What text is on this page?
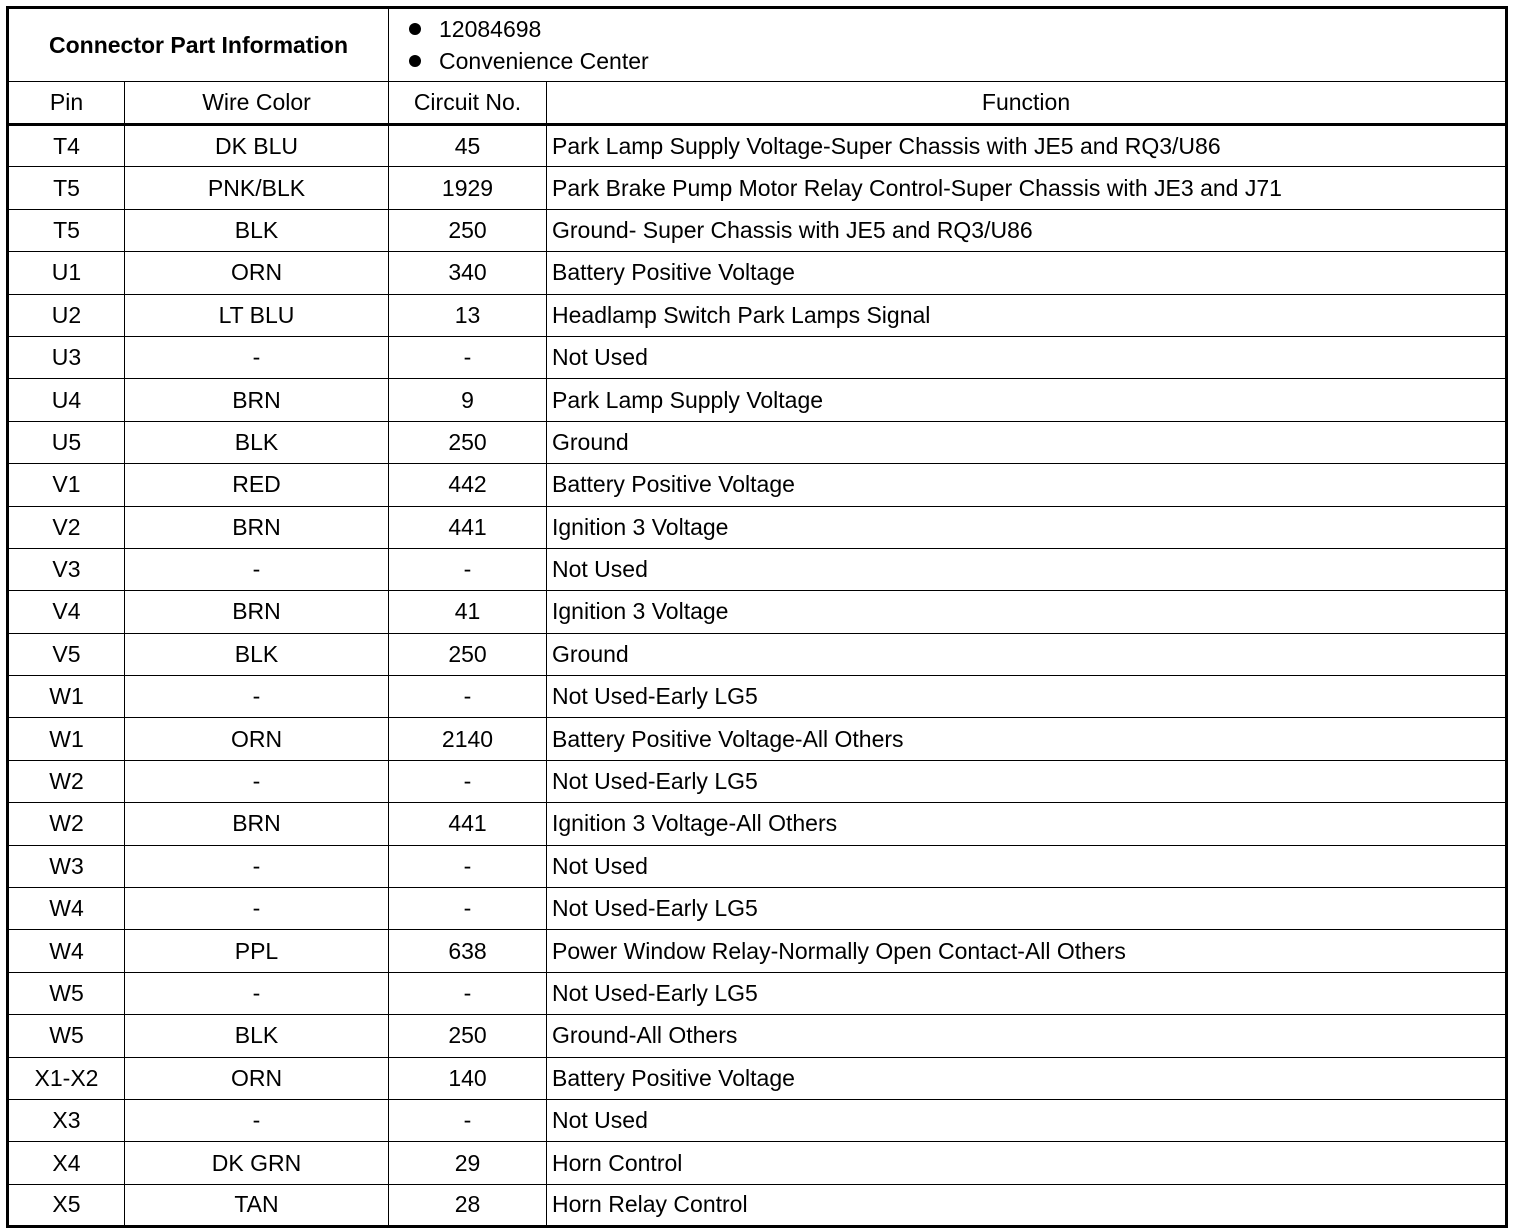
Connector Part Information		12084698
Convenience Center	

Pin	Wire Color	Circuit No.	Function
T4	DK BLU	45	Park Lamp Supply Voltage-Super Chassis with JE5 and RQ3/U86
T5	PNK/BLK	1929	Park Brake Pump Motor Relay Control-Super Chassis with JE3 and J71
T5	BLK	250	Ground- Super Chassis with JE5 and RQ3/U86
U1	ORN	340	Battery Positive Voltage
U2	LT BLU	13	Headlamp Switch Park Lamps Signal
U3	-	-	Not Used
U4	BRN	9	Park Lamp Supply Voltage
U5	BLK	250	Ground
V1	RED	442	Battery Positive Voltage
V2	BRN	441	Ignition 3 Voltage
V3	-	-	Not Used
V4	BRN	41	Ignition 3 Voltage
V5	BLK	250	Ground
W1	-	-	Not Used-Early LG5
W1	ORN	2140	Battery Positive Voltage-All Others
W2	-	-	Not Used-Early LG5
W2	BRN	441	Ignition 3 Voltage-All Others
W3	-	-	Not Used
W4	-	-	Not Used-Early LG5
W4	PPL	638	Power Window Relay-Normally Open Contact-All Others
W5	-	-	Not Used-Early LG5
W5	BLK	250	Ground-All Others
X1-X2	ORN	140	Battery Positive Voltage
X3	-	-	Not Used
X4	DK GRN	29	Horn Control
X5	TAN	28	Horn Relay Control
